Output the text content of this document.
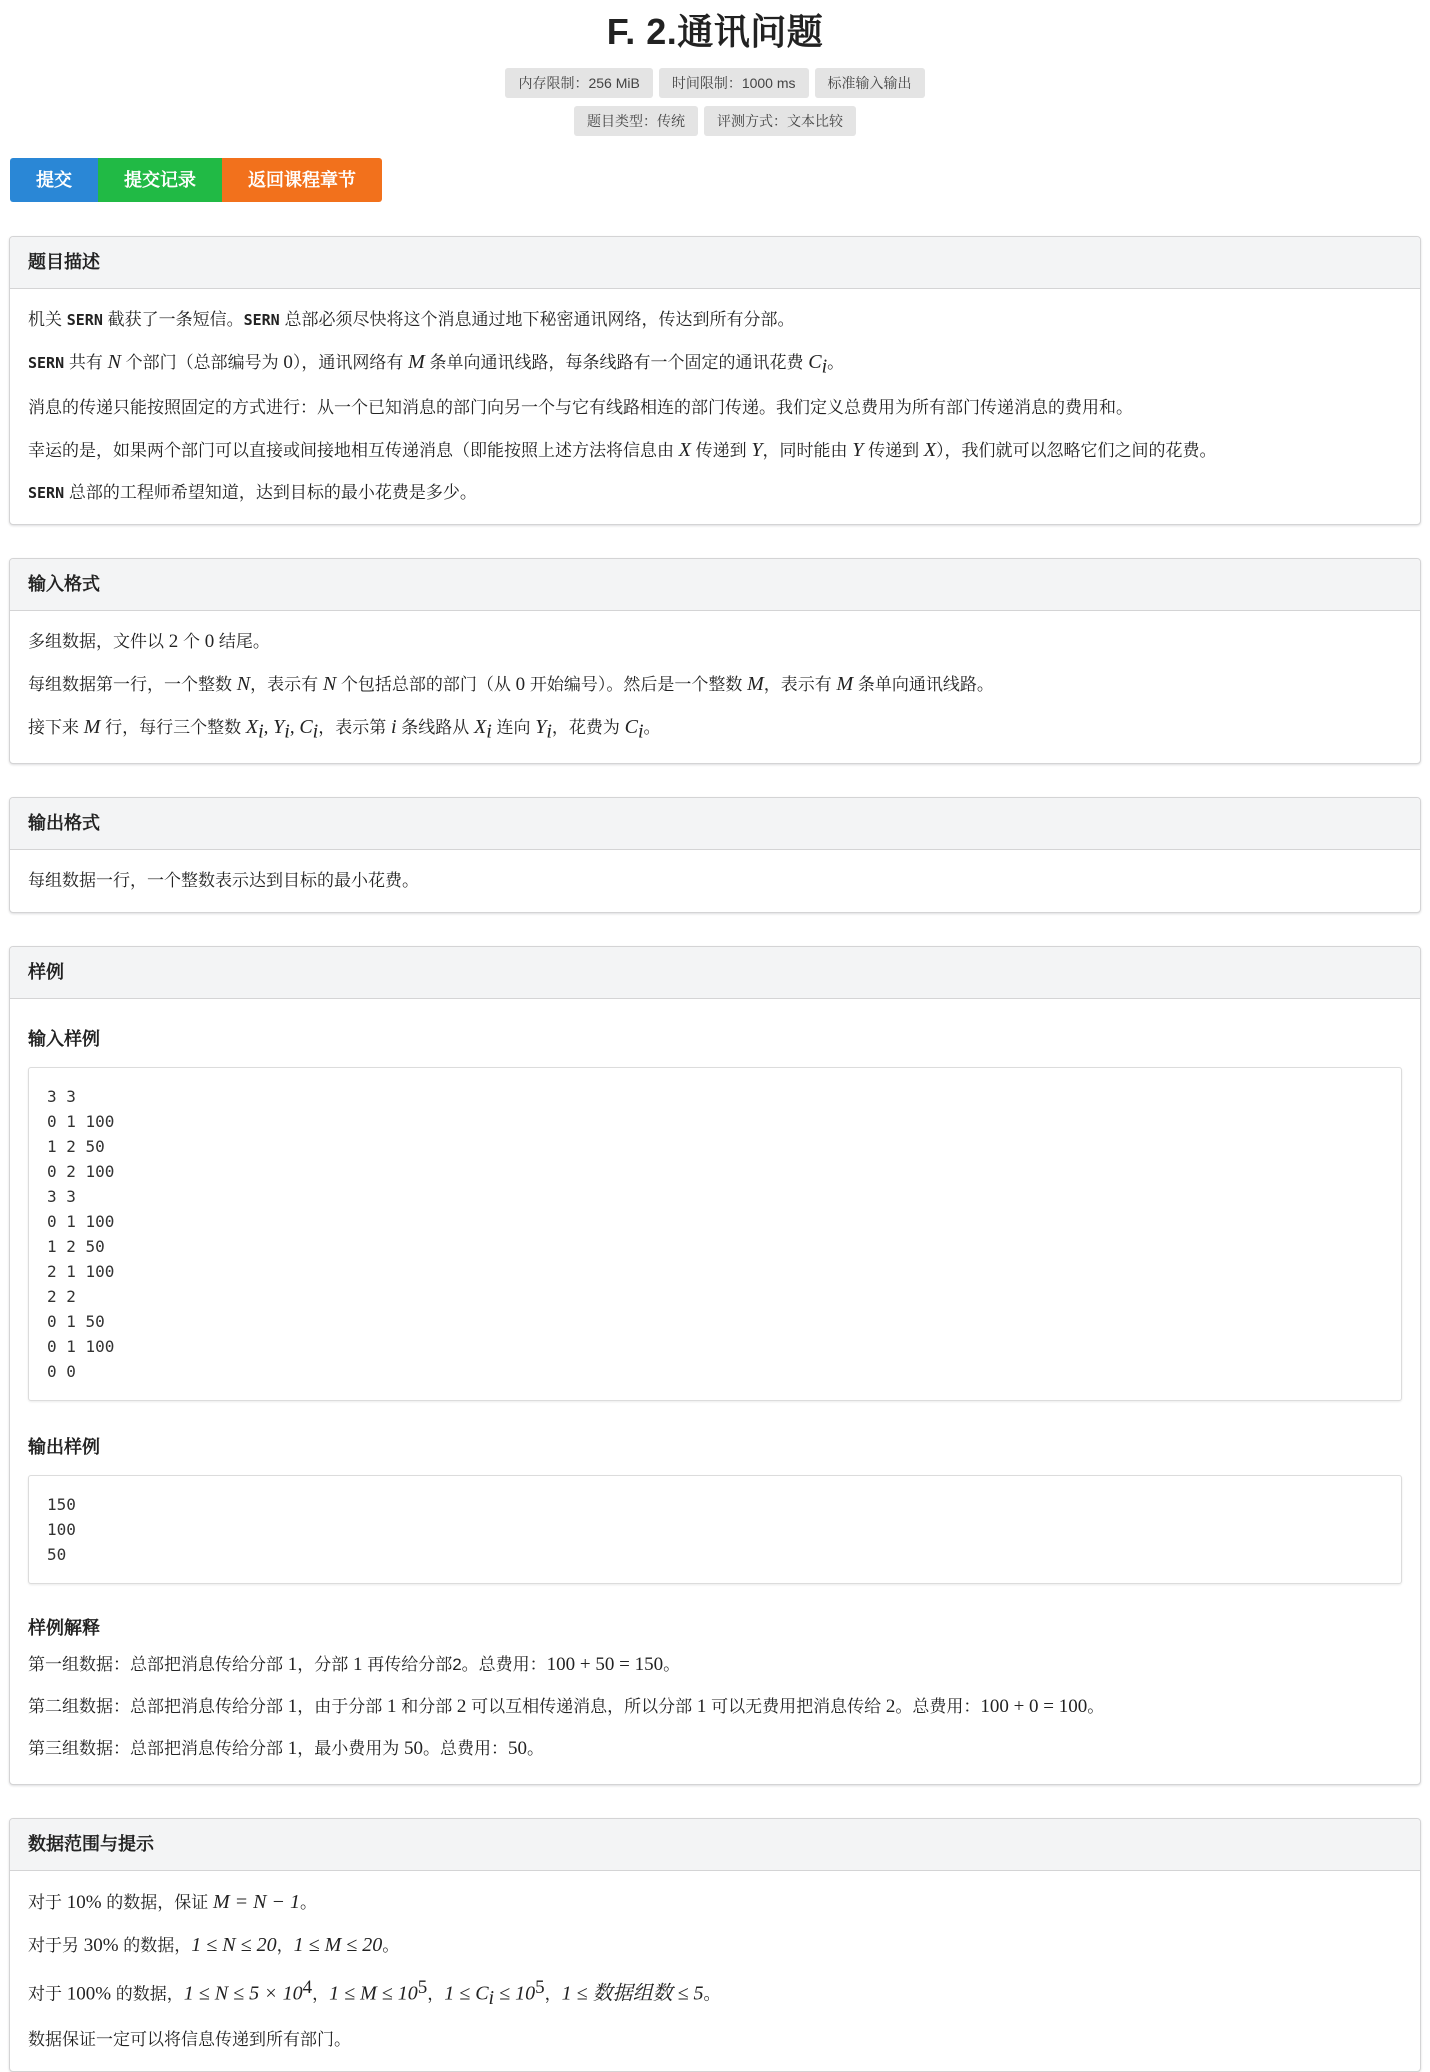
F. 2.通讯问题
内存限制：256 MiB	时间限制：1000 ms	标准输入输出
题目类型：传统	评测方式：文本比较
提交	提交记录	返回课程章节
题目描述

机关 SERN 截获了一条短信。SERN 总部必须尽快将这个消息通过地下秘密通讯网络，传达到所有分部。

SERN 共有 N 个部门（总部编号为 0），通讯网络有 M 条单向通讯线路，每条线路有一个固定的通讯花费 $C_i$。

消息的传递只能按照固定的方式进行：从一个已知消息的部门向另一个与它有线路相连的部门传递。我们定义总费用为所有部门传递消息的费用和。

幸运的是，如果两个部门可以直接或间接地相互传递消息（即能按照上述方法将信息由 X 传递到 Y，同时能由 Y 传递到 X），我们就可以忽略它们之间的花费。

SERN 总部的工程师希望知道，达到目标的最小花费是多少。

输入格式

多组数据，文件以 2 个 0 结尾。

每组数据第一行，一个整数 N，表示有 N 个包括总部的部门（从 0 开始编号）。然后是一个整数 M，表示有 M 条单向通讯线路。

接下来 M 行，每行三个整数 $X_i$, $Y_i$, $C_i$，表示第 i 条线路从 $X_i$ 连向 $Y_i$，花费为 $C_i$。

输出格式

每组数据一行，一个整数表示达到目标的最小花费。

样例
输入样例
3 3
0 1 100
1 2 50
0 2 100
3 3
0 1 100
1 2 50
2 1 100
2 2
0 1 50
0 1 100
0 0
输出样例
150
100
50
样例解释

第一组数据：总部把消息传给分部 1，分部 1 再传给分部2。总费用：100 + 50 = 150。

第二组数据：总部把消息传给分部 1，由于分部 1 和分部 2 可以互相传递消息，所以分部 1 可以无费用把消息传给 2。总费用：100 + 0 = 100。

第三组数据：总部把消息传给分部 1，最小费用为 50。总费用：50。

数据范围与提示

对于 10% 的数据，保证 M = N − 1。

对于另 30% 的数据，1 ≤ N ≤ 20，1 ≤ M ≤ 20。

对于 100% 的数据，$1 \le N \le 5 \times 10^4$，$1 \le M \le 10^5$，$1 \le C_i \le 10^5$，1 ≤ 数据组数 ≤ 5。

数据保证一定可以将信息传递到所有部门。
